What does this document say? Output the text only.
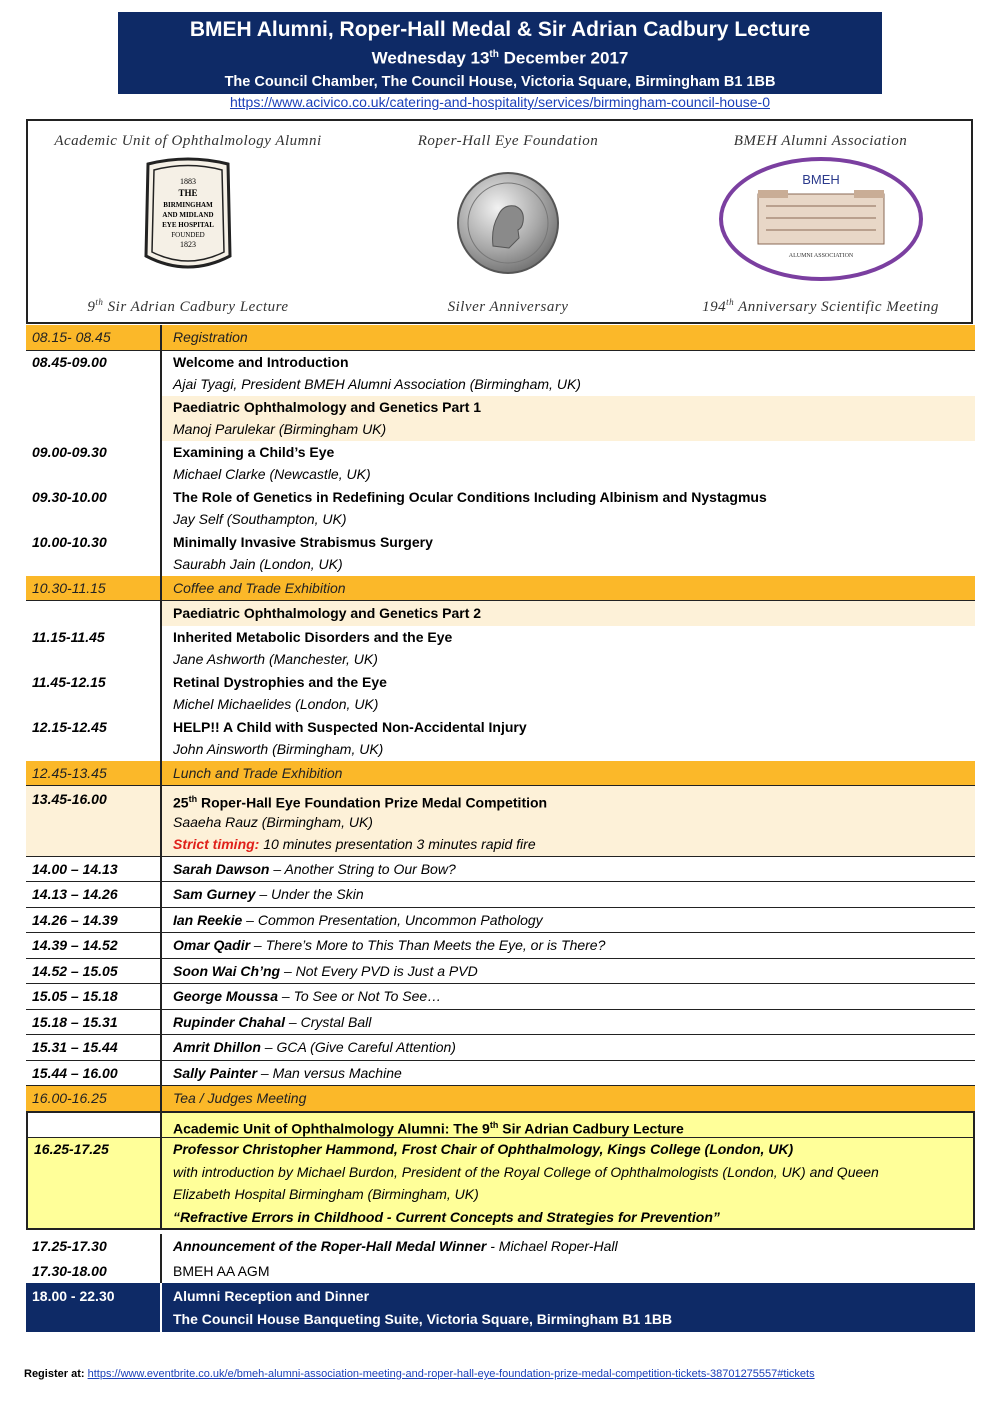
BMEH Alumni, Roper-Hall Medal & Sir Adrian Cadbury Lecture
Wednesday 13th December 2017
The Council Chamber, The Council House, Victoria Square, Birmingham B1 1BB
https://www.acivico.co.uk/catering-and-hospitality/services/birmingham-council-house-0
Academic Unit of Ophthalmology Alumni
1883
THE
BIRMINGHAM
AND MIDLAND
EYE HOSPITAL
FOUNDED
1823
9th Sir Adrian Cadbury Lecture
Roper-Hall Eye Foundation
Silver Anniversary
BMEH Alumni Association
BMEH
ALUMNI ASSOCIATION
194th Anniversary Scientific Meeting
08.15- 08.45	Registration
08.45-09.00	Welcome and Introduction
Ajai Tyagi, President BMEH Alumni Association (Birmingham, UK)
Paediatric Ophthalmology and Genetics Part 1
Manoj Parulekar (Birmingham UK)
09.00-09.30	Examining a Child’s Eye
Michael Clarke (Newcastle, UK)
09.30-10.00	The Role of Genetics in Redefining Ocular Conditions Including Albinism and Nystagmus
Jay Self (Southampton, UK)
10.00-10.30	Minimally Invasive Strabismus Surgery
Saurabh Jain (London, UK)
10.30-11.15	Coffee and Trade Exhibition
Paediatric Ophthalmology and Genetics Part 2
11.15-11.45	Inherited Metabolic Disorders and the Eye
Jane Ashworth (Manchester, UK)
11.45-12.15	Retinal Dystrophies and the Eye
Michel Michaelides (London, UK)
12.15-12.45	HELP!! A Child with Suspected Non-Accidental Injury
John Ainsworth (Birmingham, UK)
12.45-13.45	Lunch and Trade Exhibition
13.45-16.00	25th Roper-Hall Eye Foundation Prize Medal Competition
Saaeha Rauz (Birmingham, UK)
Strict timing: 10 minutes presentation 3 minutes rapid fire
14.00 – 14.13	Sarah Dawson – Another String to Our Bow?
14.13 – 14.26	Sam Gurney – Under the Skin
14.26 – 14.39	Ian Reekie – Common Presentation, Uncommon Pathology
14.39 – 14.52	Omar Qadir – There’s More to This Than Meets the Eye, or is There?
14.52 – 15.05	Soon Wai Ch’ng – Not Every PVD is Just a PVD
15.05 – 15.18	George Moussa – To See or Not To See…
15.18 – 15.31	Rupinder Chahal – Crystal Ball
15.31 – 15.44	Amrit Dhillon – GCA (Give Careful Attention)
15.44 – 16.00	Sally Painter – Man versus Machine
16.00-16.25	Tea / Judges Meeting
Academic Unit of Ophthalmology Alumni: The 9th Sir Adrian Cadbury Lecture
16.25-17.25	Professor Christopher Hammond, Frost Chair of Ophthalmology, Kings College (London, UK)
with introduction by Michael Burdon, President of the Royal College of Ophthalmologists (London, UK) and Queen
Elizabeth Hospital Birmingham (Birmingham, UK)
“Refractive Errors in Childhood - Current Concepts and Strategies for Prevention”
17.25-17.30	Announcement of the Roper-Hall Medal Winner - Michael Roper-Hall
17.30-18.00	BMEH AA AGM
18.00 - 22.30	Alumni Reception and Dinner
The Council House Banqueting Suite, Victoria Square, Birmingham B1 1BB
Register at: https://www.eventbrite.co.uk/e/bmeh-alumni-association-meeting-and-roper-hall-eye-foundation-prize-medal-competition-tickets-38701275557#tickets
